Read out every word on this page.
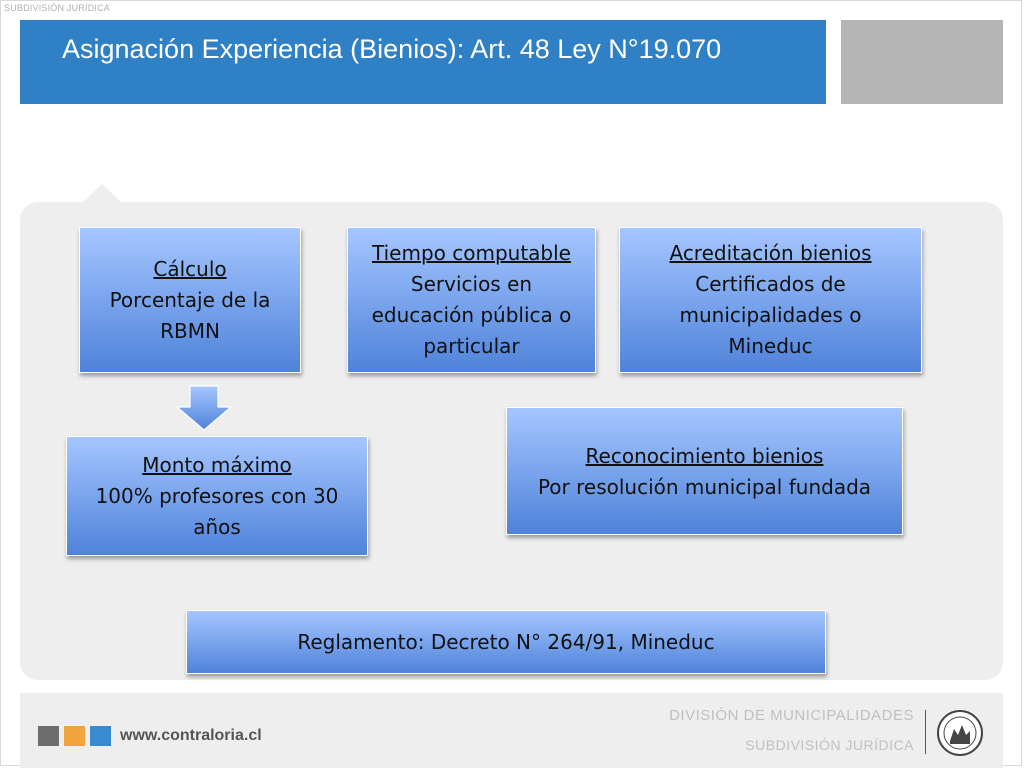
SUBDIVISIÓN JURÍDICA
Asignación Experiencia (Bienios): Art. 48 Ley N°19.070
Cálculo
Porcentaje de la
RBMN
Tiempo computable
Servicios en
educación pública o
particular
Acreditación bienios
Certificados de
municipalidades o
Mineduc
Monto máximo
100% profesores con 30
años
Reconocimiento bienios
Por resolución municipal fundada
Reglamento: Decreto N° 264/91, Mineduc
www.contraloria.cl
DIVISIÓN DE MUNICIPALIDADES
SUBDIVISIÓN JURÍDICA
